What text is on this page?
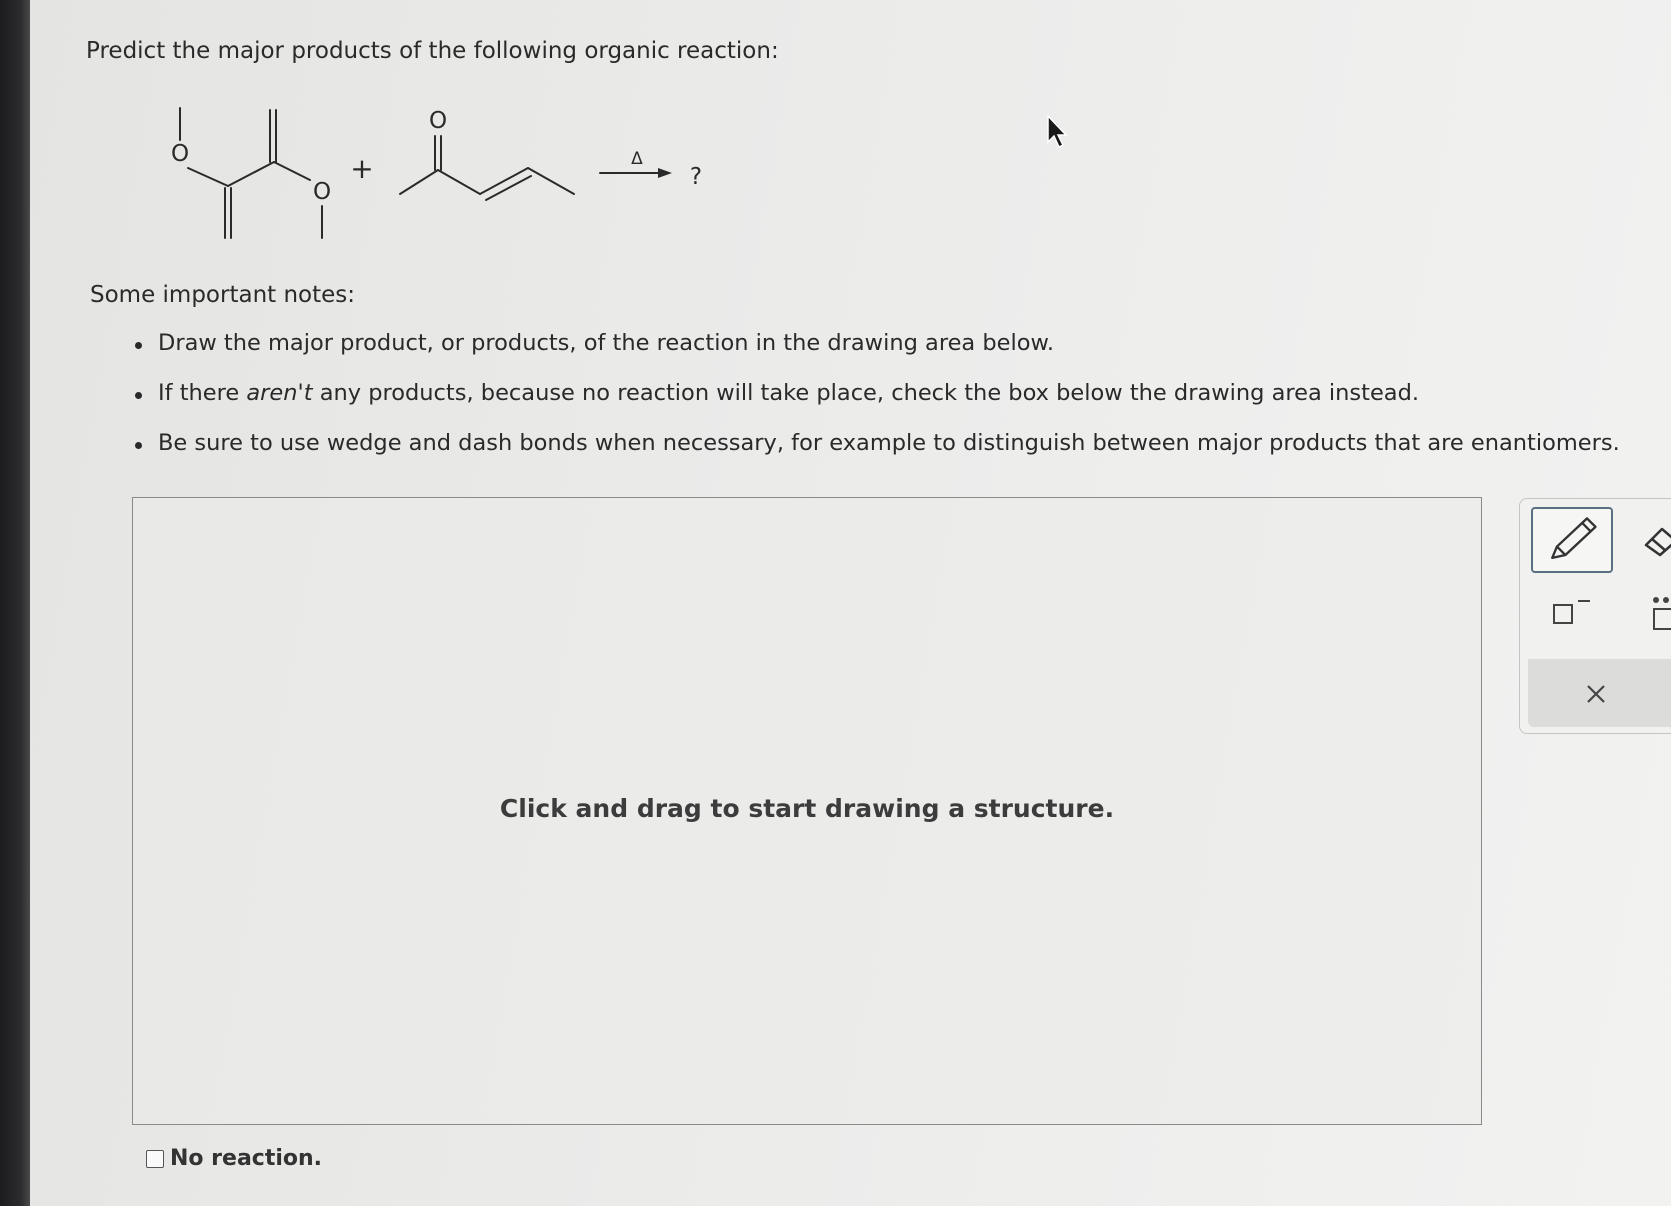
Predict the major products of the following organic reaction:
O
O
O
+	Δ
?
Some important notes:
Draw the major product, or products, of the reaction in the drawing area below.
If there aren't any products, because no reaction will take place, check the box below the drawing area instead.
Be sure to use wedge and dash bonds when necessary, for example to distinguish between major products that are enantiomers.
Click and drag to start drawing a structure.
No reaction.
